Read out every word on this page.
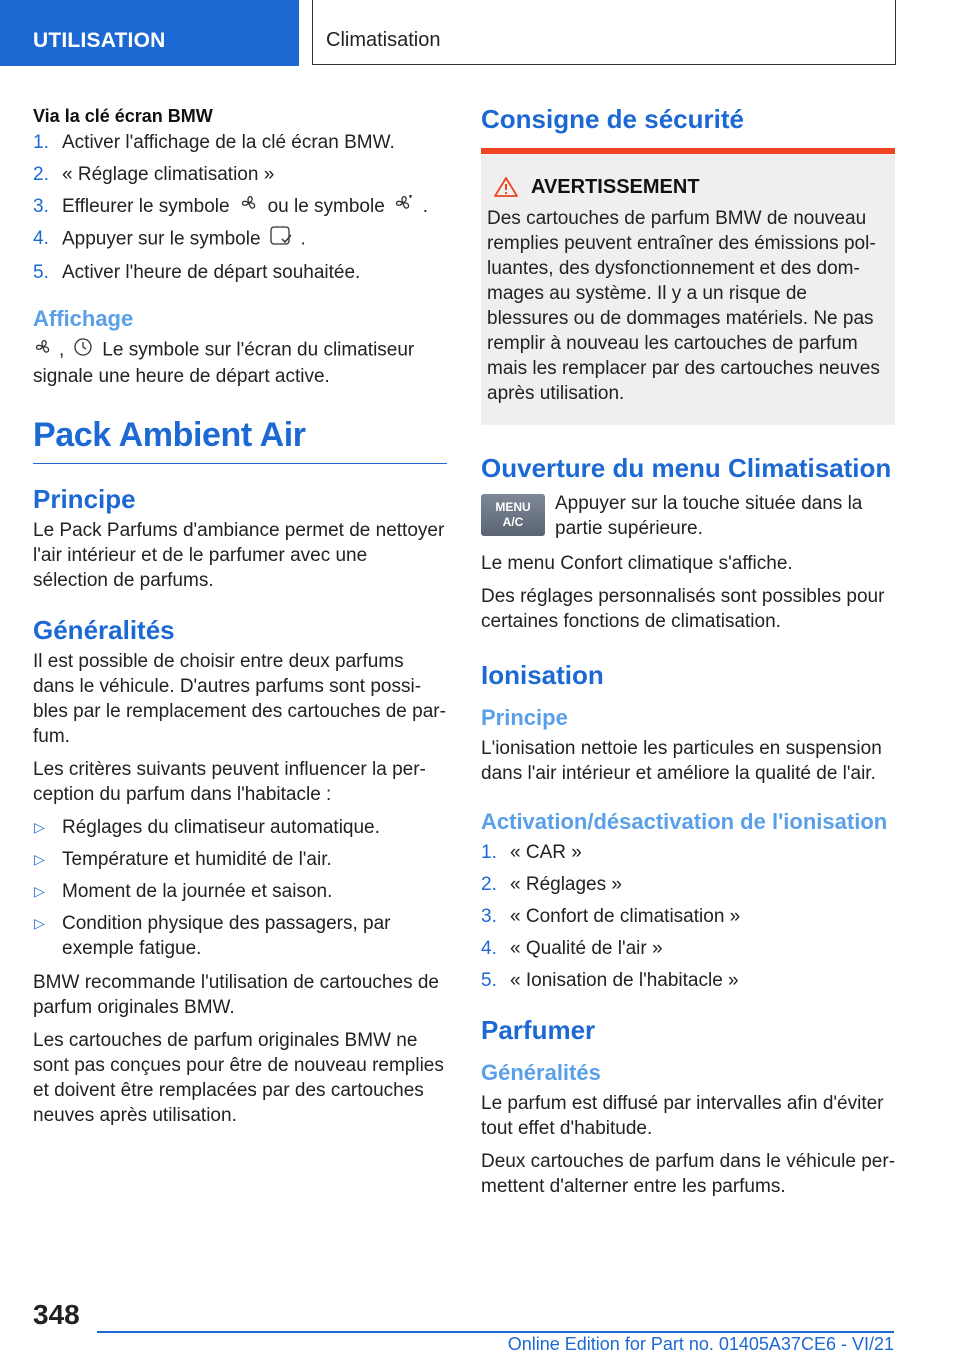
UTILISATION	Climatisation
Via la clé écran BMW
1. Activer l'affichage de la clé écran BMW.
2. « Réglage climatisation »
3. Effleurer le symbole ou le symbole .
4. Appuyer sur le symbole .
5. Activer l'heure de départ souhaitée.
Affichage

, Le symbole sur l'écran du climatiseur
signale une heure de départ active.

Pack Ambient Air
Principe

Le Pack Parfums d'ambiance permet de nettoyer l'air intérieur et de le parfumer avec une sélection de parfums.

Généralités

Il est possible de choisir entre deux parfums dans le véhicule. D'autres parfums sont possibles par le remplacement des cartouches de parfum.

Les critères suivants peuvent influencer la perception du parfum dans l'habitacle :

▷ Réglages du climatiseur automatique.
▷ Température et humidité de l'air.
▷ Moment de la journée et saison.
▷ Condition physique des passagers, par exemple fatigue.

BMW recommande l'utilisation de cartouches de parfum originales BMW.

Les cartouches de parfum originales BMW ne sont pas conçues pour être de nouveau remplies et doivent être remplacées par des cartouches neuves après utilisation.

Consigne de sécurité
AVERTISSEMENT

Des cartouches de parfum BMW de nouveau remplies peuvent entraîner des émissions polluantes, des dysfonctionnement et des dommages au système. Il y a un risque de blessures ou de dommages matériels. Ne pas remplir à nouveau les cartouches de parfum mais les remplacer par des cartouches neuves après utilisation.

Ouverture du menu Climatisation
MENU
A/C

Appuyer sur la touche située dans la partie supérieure.

Le menu Confort climatique s'affiche.

Des réglages personnalisés sont possibles pour certaines fonctions de climatisation.

Ionisation
Principe

L'ionisation nettoie les particules en suspension dans l'air intérieur et améliore la qualité de l'air.

Activation/désactivation de l'ionisation
1. « CAR »
2. « Réglages »
3. « Confort de climatisation »
4. « Qualité de l'air »
5. « Ionisation de l'habitacle »
Parfumer
Généralités

Le parfum est diffusé par intervalles afin d'éviter tout effet d'habitude.

Deux cartouches de parfum dans le véhicule permettent d'alterner entre les parfums.

348
Online Edition for Part no. 01405A37CE6 - VI/21
